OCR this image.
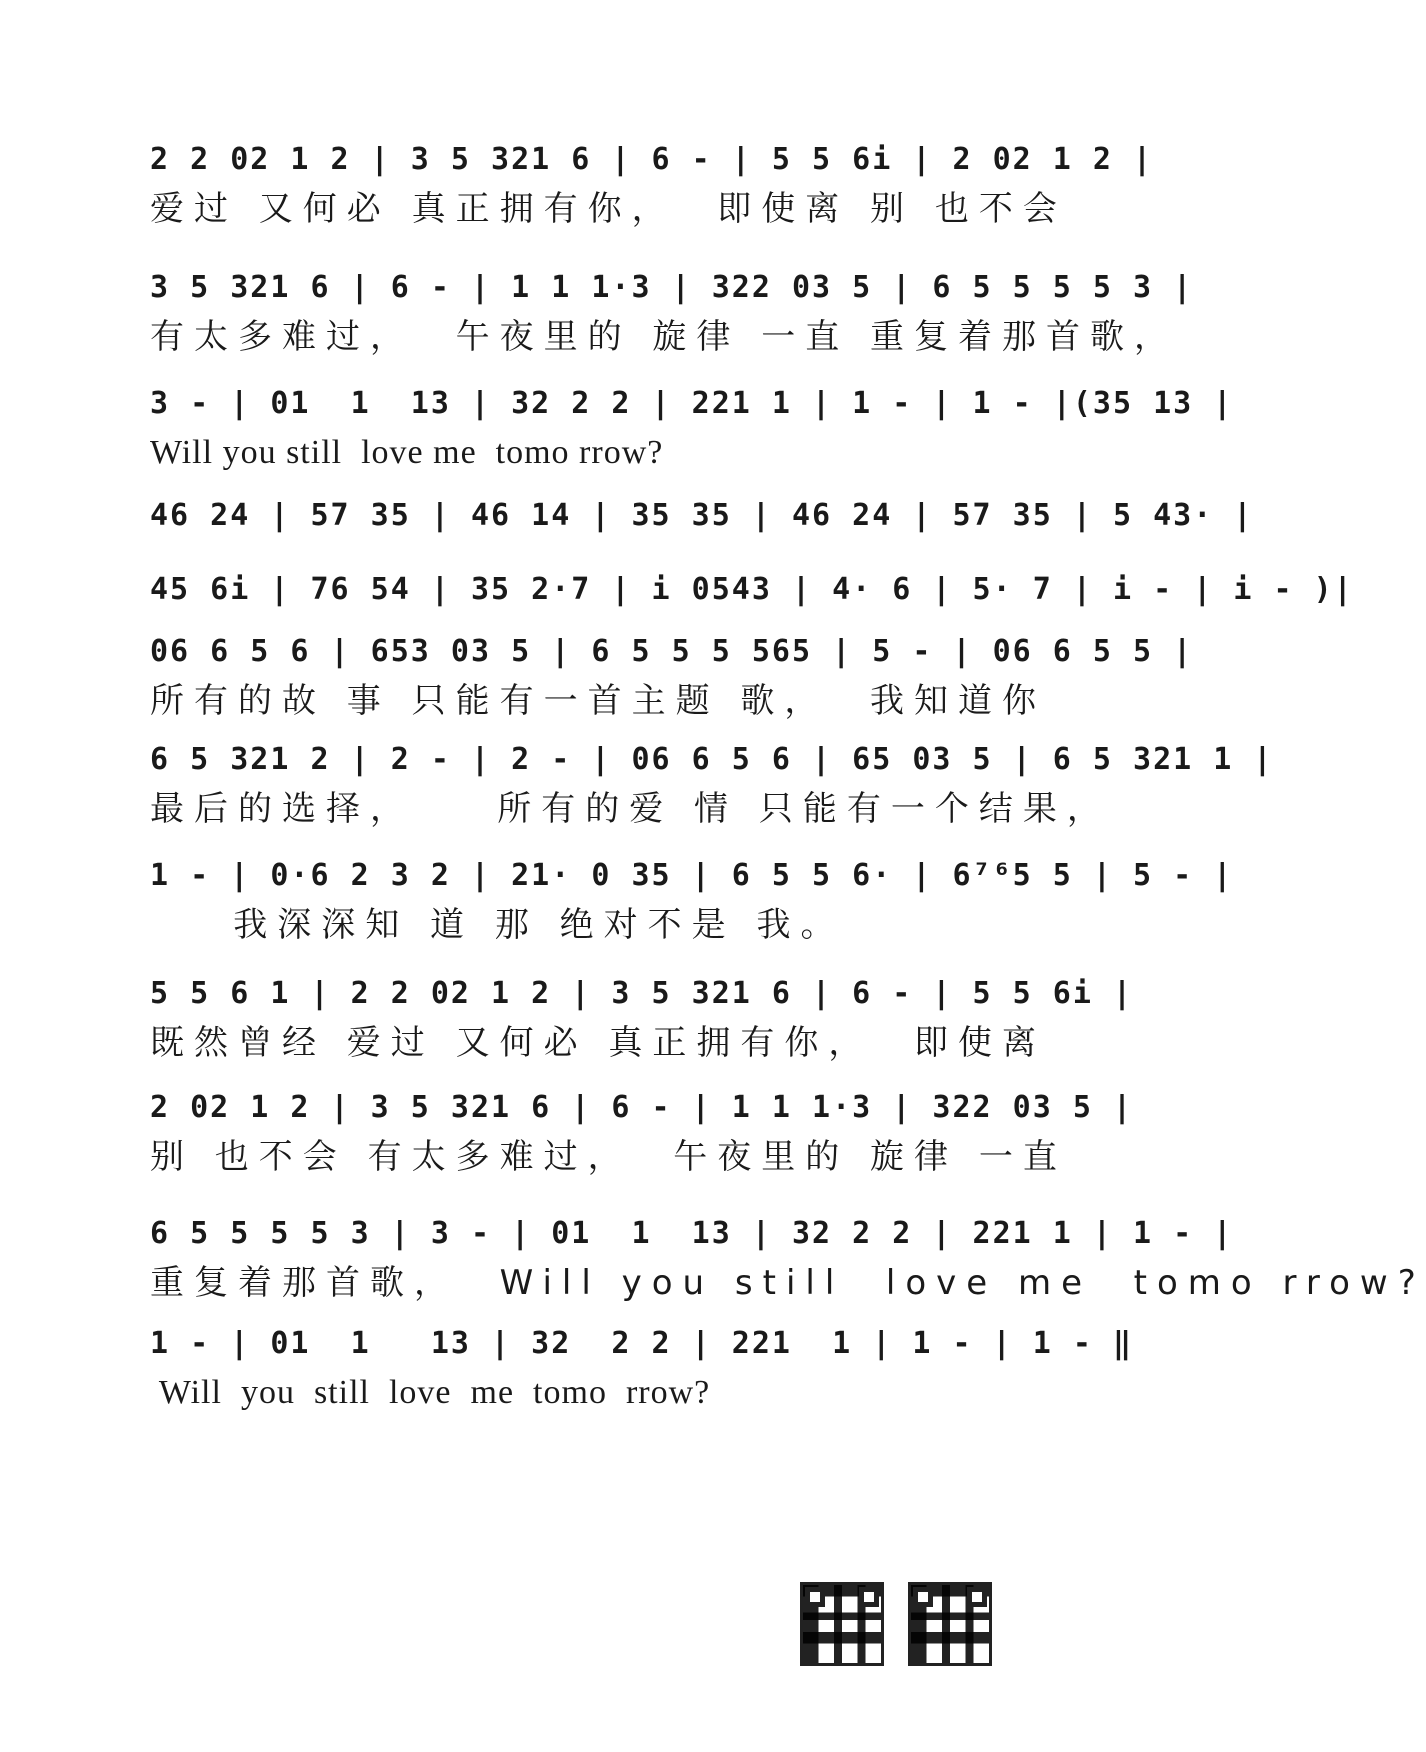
2 2 02 1 2 | 3 5 321 6 | 6 - | 5 5 6i | 2 02 1 2 |
爱过 又何必 真正拥有你，  即使离 别 也不会
3 5 321 6 | 6 - | 1 1 1·3 | 322 03 5 | 6 5 5 5 5 3 |
有太多难过，  午夜里的 旋律 一直 重复着那首歌，
3 - | 01  1  13 | 32 2 2 | 221 1 | 1 - | 1 - |(35 13 |
Will you still  love me  tomo rrow?
46 24 | 57 35 | 46 14 | 35 35 | 46 24 | 57 35 | 5 43· |
45 6i | 76 54 | 35 2·7 | i 0543 | 4· 6 | 5· 7 | i - | i - )|
06 6 5 6 | 653 03 5 | 6 5 5 5 565 | 5 - | 06 6 5 5 |
所有的故 事 只能有一首主题 歌，  我知道你
6 5 321 2 | 2 - | 2 - | 06 6 5 6 | 65 03 5 | 6 5 321 1 |
最后的选择，    所有的爱 情 只能有一个结果，
1 - | 0·6 2 3 2 | 21· 0 35 | 6 5 5 6· | 6⁷⁶5 5 | 5 - |
我深深知 道 那 绝对不是 我。
5 5 6 1 | 2 2 02 1 2 | 3 5 321 6 | 6 - | 5 5 6i |
既然曾经 爱过 又何必 真正拥有你，  即使离
2 02 1 2 | 3 5 321 6 | 6 - | 1 1 1·3 | 322 03 5 |
别 也不会 有太多难过，  午夜里的 旋律 一直
6 5 5 5 5 3 | 3 - | 01  1  13 | 32 2 2 | 221 1 | 1 - |
重复着那首歌，  Will you still  love me  tomo rrow?
1 - | 01  1   13 | 32  2 2 | 221  1 | 1 - | 1 - ‖
Will  you  still  love  me  tomo  rrow?
